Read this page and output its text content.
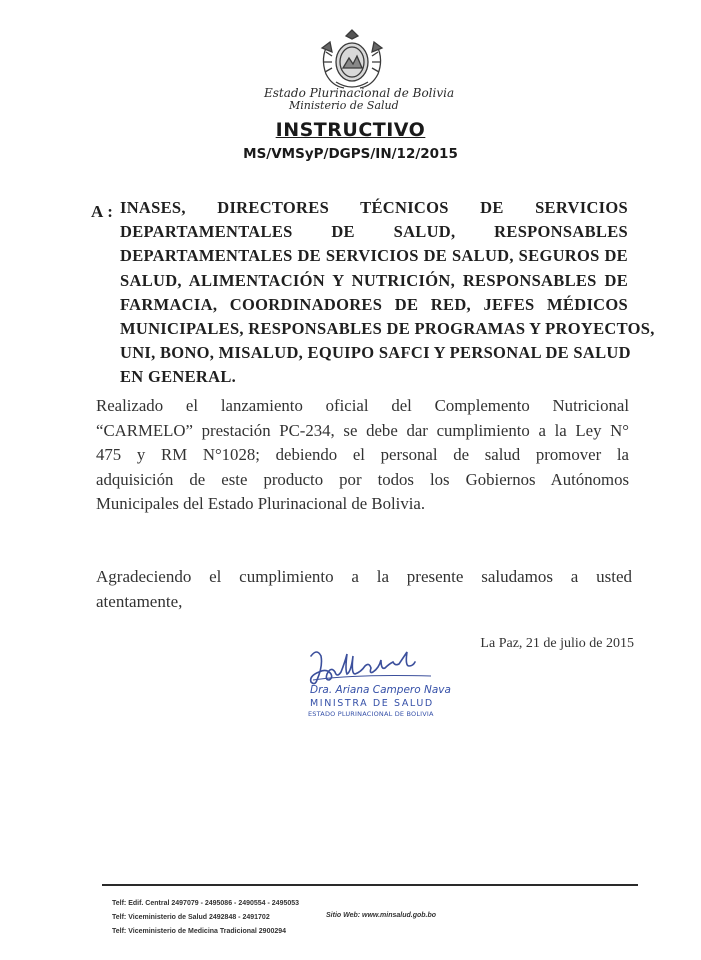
Estado Plurinacional de Bolivia
Ministerio de Salud
INSTRUCTIVO
MS/VMSyP/DGPS/IN/12/2015
A : INASES, DIRECTORES TÉCNICOS DE SERVICIOS
DEPARTAMENTALES DE SALUD, RESPONSABLES
DEPARTAMENTALES DE SERVICIOS DE SALUD, SEGUROS DE
SALUD, ALIMENTACIÓN Y NUTRICIÓN, RESPONSABLES DE
FARMACIA, COORDINADORES DE RED, JEFES MÉDICOS
MUNICIPALES, RESPONSABLES DE PROGRAMAS Y PROYECTOS,
UNI, BONO, MISALUD, EQUIPO SAFCI Y PERSONAL DE SALUD
EN GENERAL.
Realizado el lanzamiento oficial del Complemento Nutricional
“CARMELO” prestación PC-234, se debe dar cumplimiento a la Ley N°
475 y RM N°1028; debiendo el personal de salud promover la
adquisición de este producto por todos los Gobiernos Autónomos
Municipales del Estado Plurinacional de Bolivia.
Agradeciendo el cumplimiento a la presente saludamos a usted
atentamente,
La Paz, 21 de julio de 2015
Dra. Ariana Campero Nava
MINISTRA DE SALUD
ESTADO PLURINACIONAL DE BOLIVIA
Telf: Edif. Central 2497079 - 2495086 - 2490554 - 2495053
Telf: Viceministerio de Salud 2492848 - 2491702
Telf: Viceministerio de Medicina Tradicional 2900294
Sitio Web: www.minsalud.gob.bo
